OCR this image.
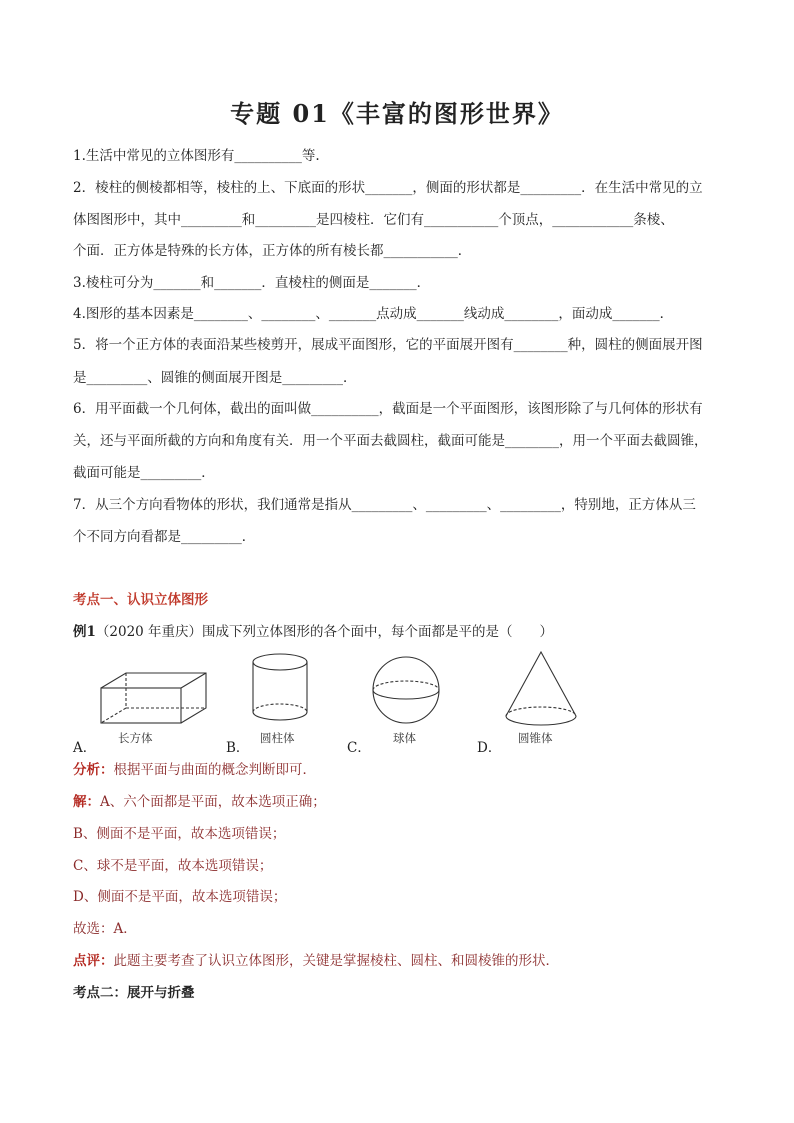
专题 01《丰富的图形世界》
1.生活中常见的立体图形有__________等.
2．棱柱的侧棱都相等，棱柱的上、下底面的形状_______，侧面的形状都是_________．在生活中常见的立
体图图形中，其中_________和_________是四棱柱．它们有___________个顶点，____________条棱、
个面．正方体是特殊的长方体，正方体的所有棱长都___________．
3.棱柱可分为_______和_______．直棱柱的侧面是_______．
4.图形的基本因素是________、________、_______点动成_______线动成________，面动成_______．
5．将一个正方体的表面沿某些棱剪开，展成平面图形，它的平面展开图有________种，圆柱的侧面展开图
是_________、圆锥的侧面展开图是_________．
6．用平面截一个几何体，截出的面叫做__________，截面是一个平面图形，该图形除了与几何体的形状有
关，还与平面所截的方向和角度有关．用一个平面去截圆柱，截面可能是________，用一个平面去截圆锥，
截面可能是_________．
7．从三个方向看物体的形状，我们通常是指从_________、_________、_________，特别地，正方体从三
个不同方向看都是_________．
考点一、认识立体图形
例1（2020 年重庆）围成下列立体图形的各个面中，每个面都是平的是（　　）
A．
长方体
B．
圆柱体
C．
球体
D．
圆锥体
分析：根据平面与曲面的概念判断即可．
解：A、六个面都是平面，故本选项正确；
B、侧面不是平面，故本选项错误；
C、球不是平面，故本选项错误；
D、侧面不是平面，故本选项错误；
故选：A．
点评：此题主要考查了认识立体图形，关键是掌握棱柱、圆柱、和圆棱锥的形状．
考点二：展开与折叠
